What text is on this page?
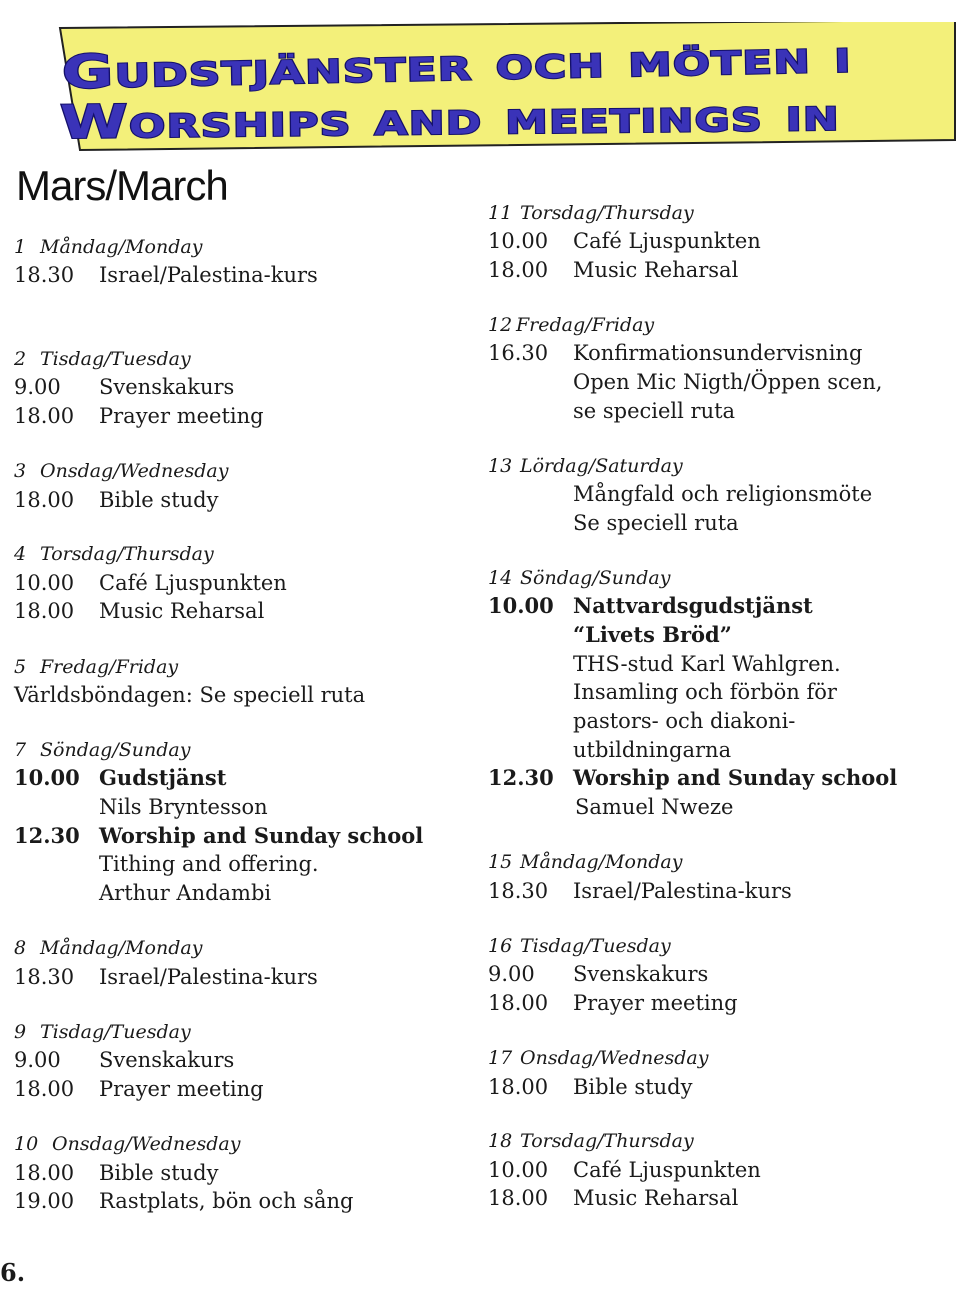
Gudstjänster och möten i
Worships and meetings in
Mars/March
1 Måndag/Monday
18.30 Israel/Palestina-kurs
2 Tisdag/Tuesday
9.00 Svenskakurs
18.00 Prayer meeting
3 Onsdag/Wednesday
18.00 Bible study
4 Torsdag/Thursday
10.00 Café Ljuspunkten
18.00 Music Reharsal
5 Fredag/Friday
Världsböndagen: Se speciell ruta
7 Söndag/Sunday
10.00 Gudstjänst
Nils Bryntesson
12.30 Worship and Sunday school
Tithing and offering.
Arthur Andambi
8 Måndag/Monday
18.30 Israel/Palestina-kurs
9 Tisdag/Tuesday
9.00 Svenskakurs
18.00 Prayer meeting
10 Onsdag/Wednesday
18.00 Bible study
19.00 Rastplats, bön och sång
11 Torsdag/Thursday
10.00 Café Ljuspunkten
18.00 Music Reharsal
12 Fredag/Friday
16.30 Konfirmationsundervisning
Open Mic Nigth/Öppen scen,
se speciell ruta
13 Lördag/Saturday
Mångfald och religionsmöte
Se speciell ruta
14 Söndag/Sunday
10.00 Nattvardsgudstjänst
“Livets Bröd”
THS-stud Karl Wahlgren.
Insamling och förbön för
pastors- och diakoni-
utbildningarna
12.30 Worship and Sunday school
Samuel Nweze
15 Måndag/Monday
18.30 Israel/Palestina-kurs
16 Tisdag/Tuesday
9.00 Svenskakurs
18.00 Prayer meeting
17 Onsdag/Wednesday
18.00 Bible study
18 Torsdag/Thursday
10.00 Café Ljuspunkten
18.00 Music Reharsal
6.
